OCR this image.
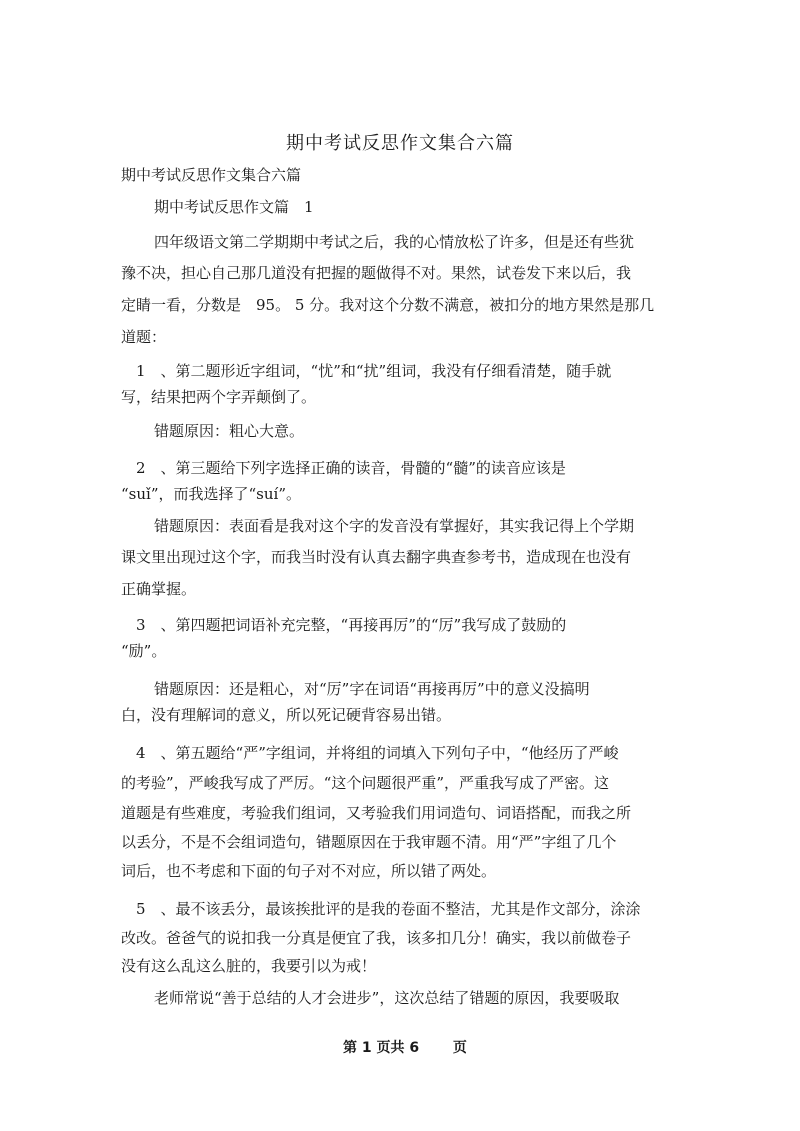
期中考试反思作文集合六篇
期中考试反思作文集合六篇
期中考试反思作文篇　1
四年级语文第二学期期中考试之后，我的心情放松了许多，但是还有些犹
豫不决，担心自己那几道没有把握的题做得不对。果然，试卷发下来以后，我
定睛一看，分数是　95。 5 分。我对这个分数不满意，被扣分的地方果然是那几
道题：
1　、第二题形近字组词，“忧”和“扰”组词，我没有仔细看清楚，随手就
写，结果把两个字弄颠倒了。
错题原因：粗心大意。
2　、第三题给下列字选择正确的读音，骨髓的“髓”的读音应该是
“suǐ”，而我选择了“suí”。
错题原因：表面看是我对这个字的发音没有掌握好，其实我记得上个学期
课文里出现过这个字，而我当时没有认真去翻字典查参考书，造成现在也没有
正确掌握。
3　、第四题把词语补充完整，“再接再厉”的“厉”我写成了鼓励的
“励”。
错题原因：还是粗心，对“厉”字在词语“再接再厉”中的意义没搞明
白，没有理解词的意义，所以死记硬背容易出错。
4　、第五题给“严”字组词，并将组的词填入下列句子中，“他经历了严峻
的考验”，严峻我写成了严厉。“这个问题很严重”，严重我写成了严密。这
道题是有些难度，考验我们组词，又考验我们用词造句、词语搭配，而我之所
以丢分，不是不会组词造句，错题原因在于我审题不清。用“严”字组了几个
词后，也不考虑和下面的句子对不对应，所以错了两处。
5　、最不该丢分，最该挨批评的是我的卷面不整洁，尤其是作文部分，涂涂
改改。爸爸气的说扣我一分真是便宜了我，该多扣几分！确实，我以前做卷子
没有这么乱这么脏的，我要引以为戒！
老师常说“善于总结的人才会进步”，这次总结了错题的原因，我要吸取
第 1 页共 6 页
